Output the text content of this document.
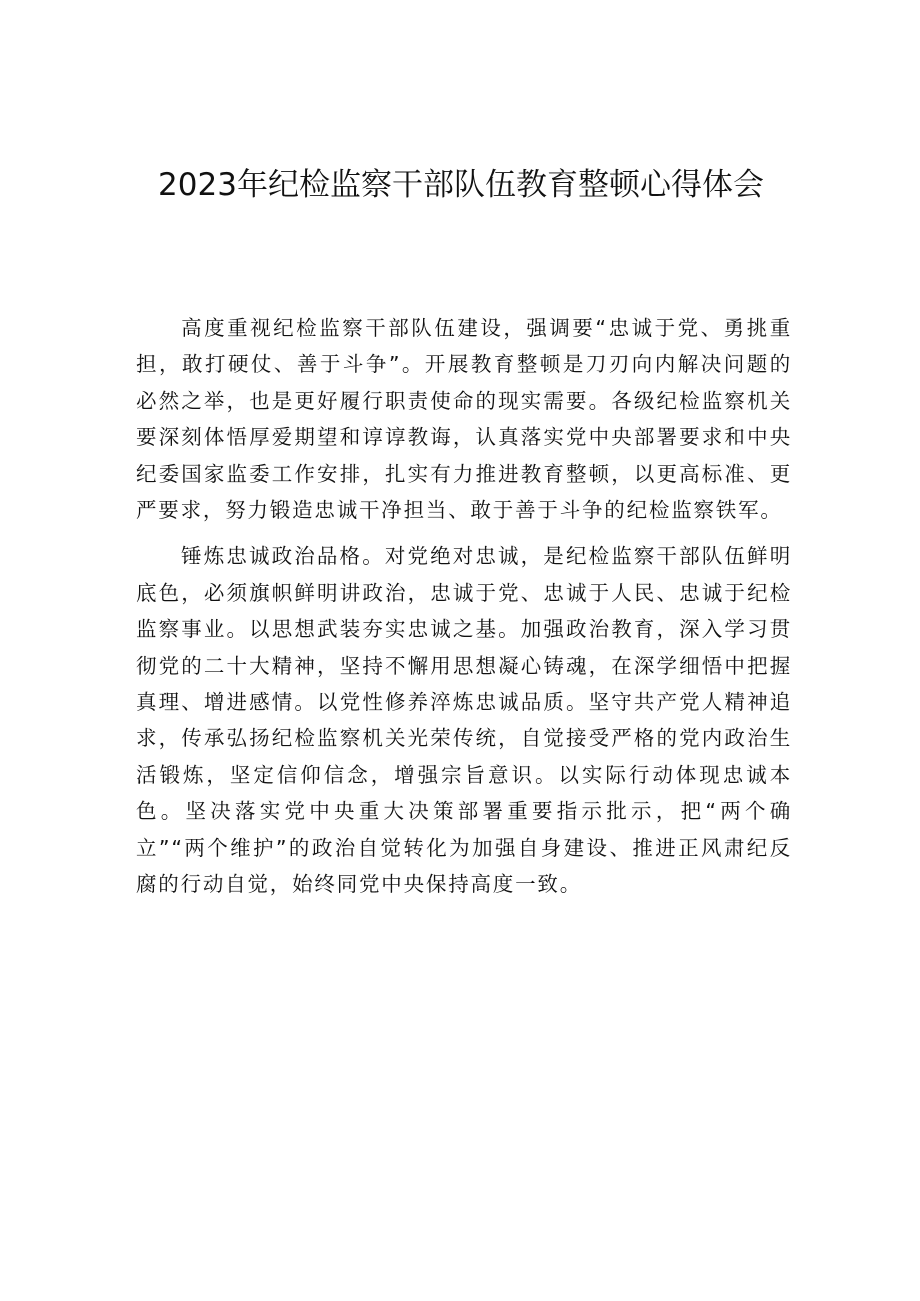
2023年纪检监察干部队伍教育整顿心得体会

高度重视纪检监察干部队伍建设，强调要“忠诚于党、勇挑重担，敢打硬仗、善于斗争”。开展教育整顿是刀刃向内解决问题的必然之举，也是更好履行职责使命的现实需要。各级纪检监察机关要深刻体悟厚爱期望和谆谆教诲，认真落实党中央部署要求和中央纪委国家监委工作安排，扎实有力推进教育整顿，以更高标准、更严要求，努力锻造忠诚干净担当、敢于善于斗争的纪检监察铁军。

锤炼忠诚政治品格。对党绝对忠诚，是纪检监察干部队伍鲜明底色，必须旗帜鲜明讲政治，忠诚于党、忠诚于人民、忠诚于纪检监察事业。以思想武装夯实忠诚之基。加强政治教育，深入学习贯彻党的二十大精神，坚持不懈用思想凝心铸魂，在深学细悟中把握真理、增进感情。以党性修养淬炼忠诚品质。坚守共产党人精神追求，传承弘扬纪检监察机关光荣传统，自觉接受严格的党内政治生活锻炼，坚定信仰信念，增强宗旨意识。以实际行动体现忠诚本色。坚决落实党中央重大决策部署重要指示批示，把“两个确立”“两个维护”的政治自觉转化为加强自身建设、推进正风肃纪反腐的行动自觉，始终同党中央保持高度一致。
